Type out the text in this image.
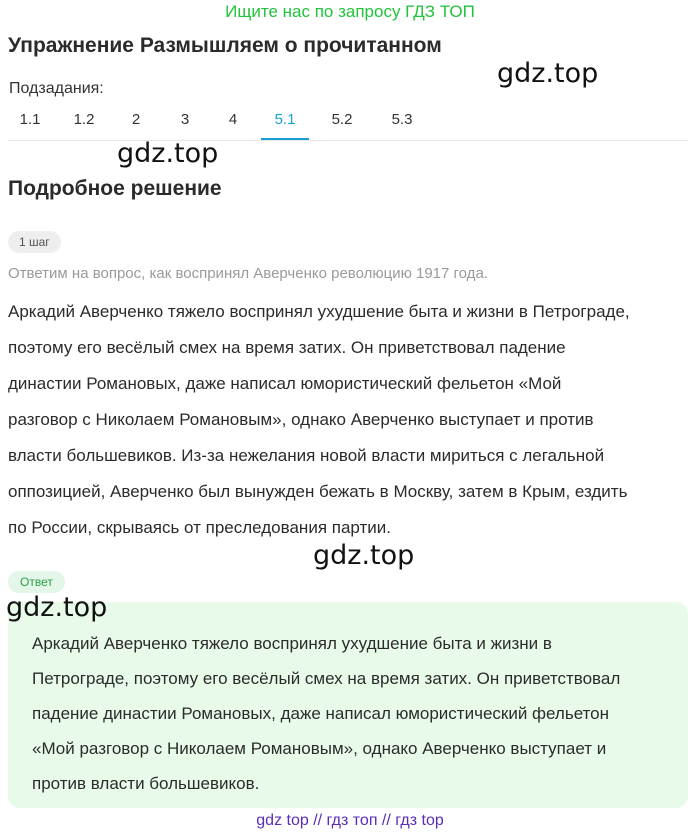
Ищите нас по запросу ГДЗ ТОП
Упражнение Размышляем о прочитанном
Подзадания:
1.1	1.2	2	3	4	5.1	5.2	5.3
Подробное решение
1 шаг
Ответим на вопрос, как воспринял Аверченко революцию 1917 года.
Аркадий Аверченко тяжело воспринял ухудшение быта и жизни в Петрограде,
поэтому его весёлый смех на время затих. Он приветствовал падение
династии Романовых, даже написал юмористический фельетон «Мой
разговор с Николаем Романовым», однако Аверченко выступает и против
власти большевиков. Из-за нежелания новой власти мириться с легальной
оппозицией, Аверченко был вынужден бежать в Москву, затем в Крым, ездить
по России, скрываясь от преследования партии.
Ответ
Аркадий Аверченко тяжело воспринял ухудшение быта и жизни в
Петрограде, поэтому его весёлый смех на время затих. Он приветствовал
падение династии Романовых, даже написал юмористический фельетон
«Мой разговор с Николаем Романовым», однако Аверченко выступает и
против власти большевиков.
gdz.top
gdz.top
gdz.top
gdz.top
gdz top // гдз топ // гдз top
